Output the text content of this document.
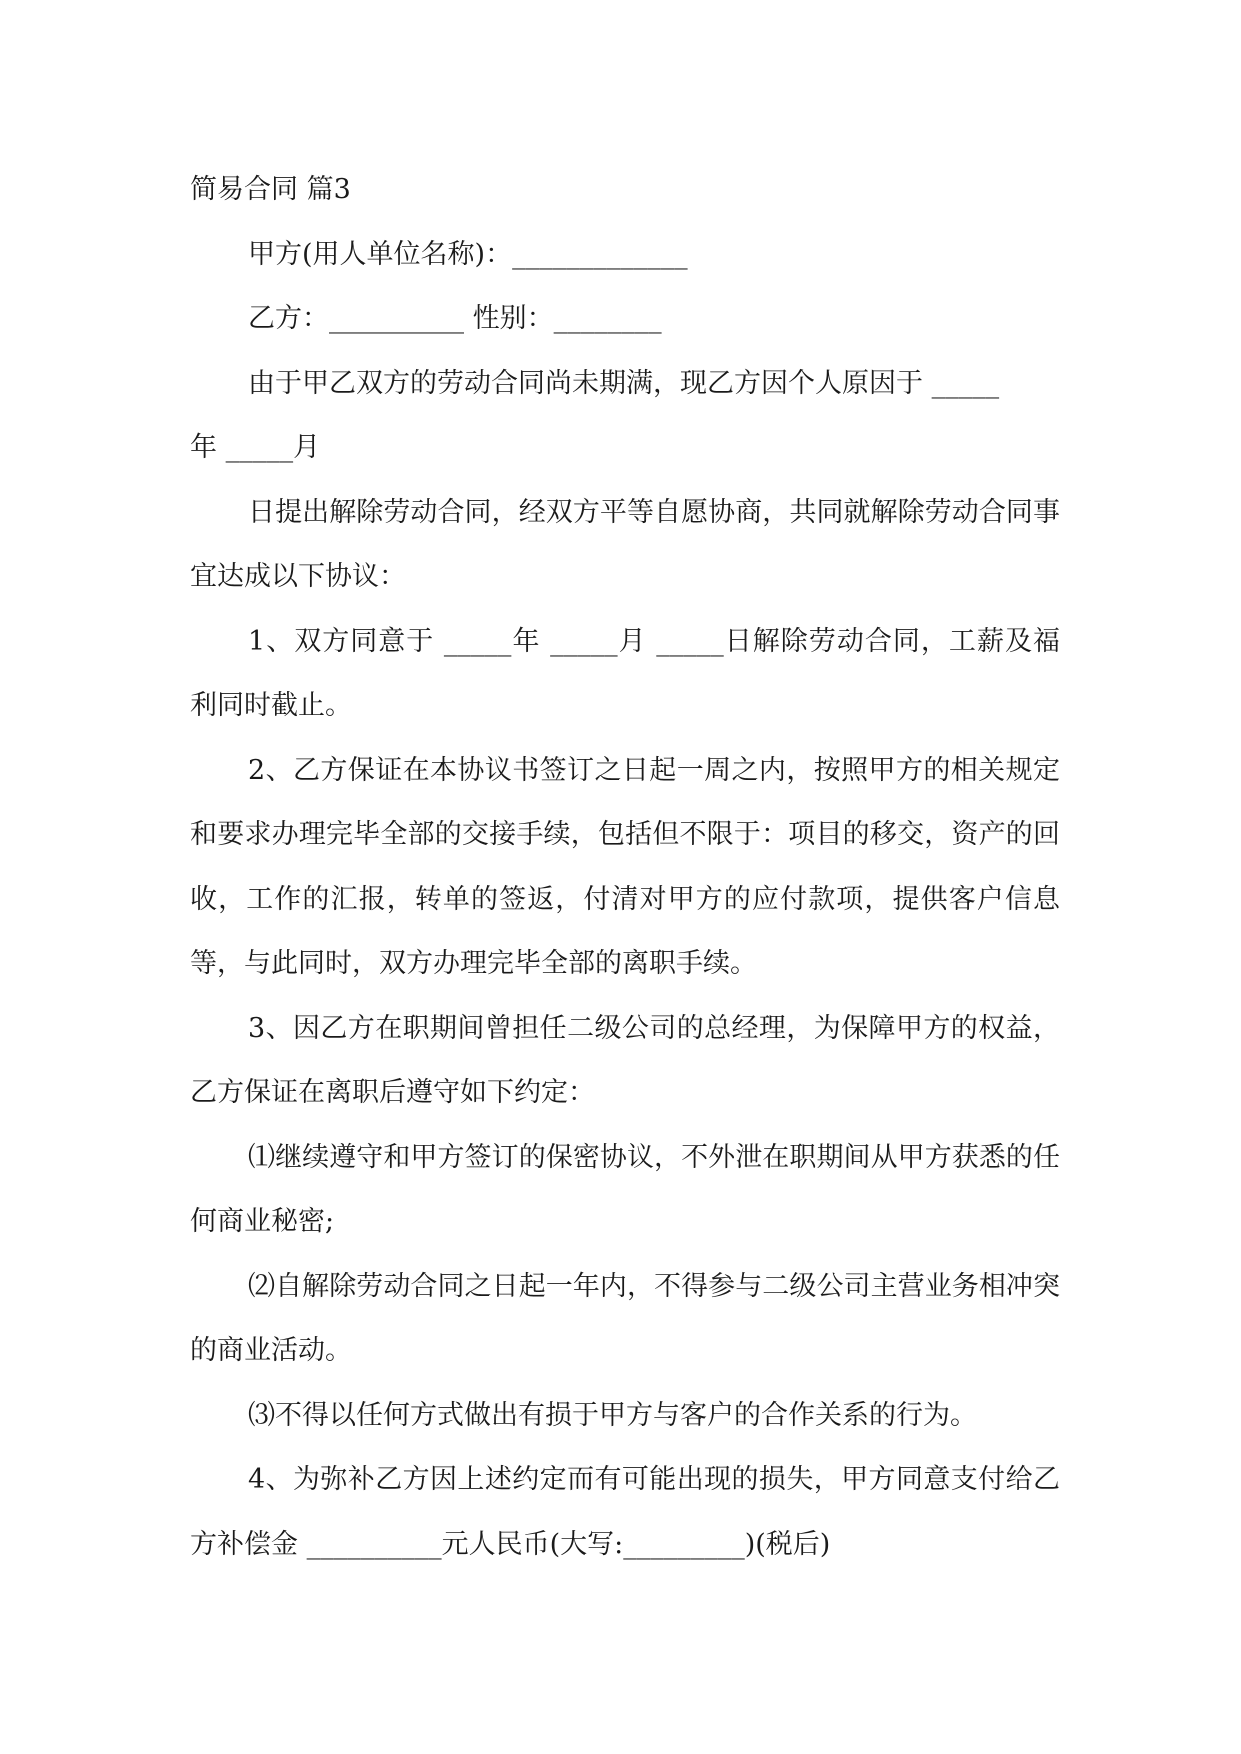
简易合同 篇3

甲方(用人单位名称)：_____________

乙方：__________ 性别：________

由于甲乙双方的劳动合同尚未期满，现乙方因个人原因于 _____

年 _____月

日提出解除劳动合同，经双方平等自愿协商，共同就解除劳动合同事宜达成以下协议：

1、双方同意于 _____年 _____月 _____日解除劳动合同，工薪及福利同时截止。

2、乙方保证在本协议书签订之日起一周之内，按照甲方的相关规定和要求办理完毕全部的交接手续，包括但不限于：项目的移交，资产的回收，工作的汇报，转单的签返，付清对甲方的应付款项，提供客户信息等，与此同时，双方办理完毕全部的离职手续。

3、因乙方在职期间曾担任二级公司的总经理，为保障甲方的权益，乙方保证在离职后遵守如下约定：

⑴继续遵守和甲方签订的保密协议，不外泄在职期间从甲方获悉的任何商业秘密;

⑵自解除劳动合同之日起一年内，不得参与二级公司主营业务相冲突的商业活动。

⑶不得以任何方式做出有损于甲方与客户的合作关系的行为。

4、为弥补乙方因上述约定而有可能出现的损失，甲方同意支付给乙方补偿金 __________元人民币(大写:_________)(税后)
